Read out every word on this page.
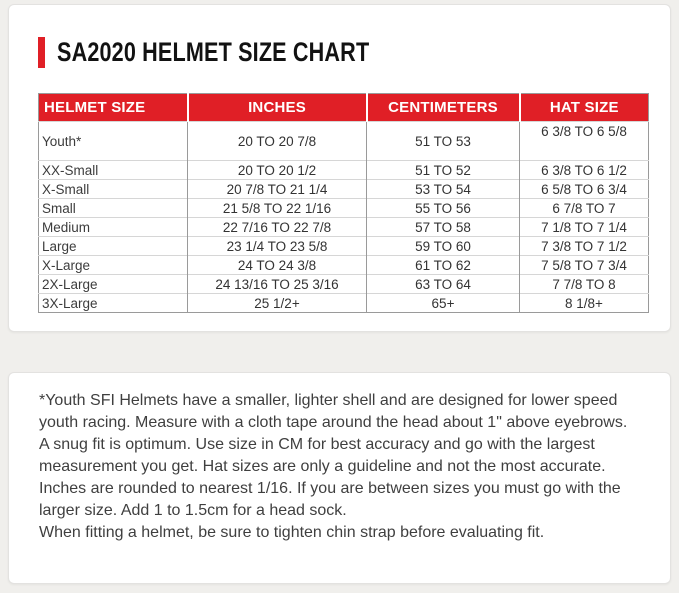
SA2020 HELMET SIZE CHART
HELMET SIZE	INCHES	CENTIMETERS	HAT SIZE
Youth*	20 TO 20 7/8	51 TO 53	6 3/8 TO 6 5/8
XX-Small	20 TO 20 1/2	51 TO 52	6 3/8 TO 6 1/2
X-Small	20 7/8 TO 21 1/4	53 TO 54	6 5/8 TO 6 3/4
Small	21 5/8 TO 22 1/16	55 TO 56	6 7/8 TO 7
Medium	22 7/16 TO 22 7/8	57 TO 58	7 1/8 TO 7 1/4
Large	23 1/4 TO 23 5/8	59 TO 60	7 3/8 TO 7 1/2
X-Large	24 TO 24 3/8	61 TO 62	7 5/8 TO 7 3/4
2X-Large	24 13/16 TO 25 3/16	63 TO 64	7 7/8 TO 8
3X-Large	25 1/2+	65+	8 1/8+

*Youth SFI Helmets have a smaller, lighter shell and are designed for lower speed youth racing. Measure with a cloth tape around the head about 1" above eyebrows. A snug fit is optimum. Use size in CM for best accuracy and go with the largest measurement you get. Hat sizes are only a guideline and not the most accurate. Inches are rounded to nearest 1/16. If you are between sizes you must go with the larger size. Add 1 to 1.5cm for a head sock.

When fitting a helmet, be sure to tighten chin strap before evaluating fit.
